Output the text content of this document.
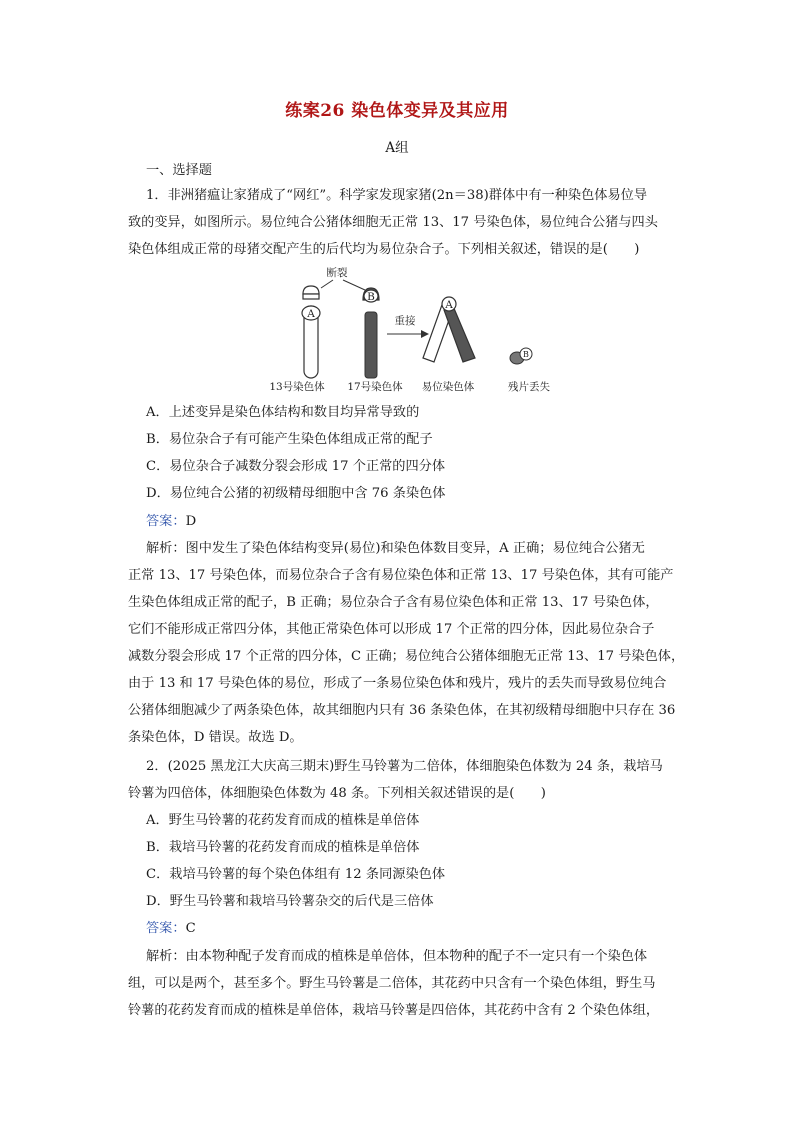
练案26 染色体变异及其应用
A组
一、选择题
1．非洲猪瘟让家猪成了“网红”。科学家发现家猪(2n＝38)群体中有一种染色体易位导
致的变异，如图所示。易位纯合公猪体细胞无正常 13、17 号染色体，易位纯合公猪与四头
染色体组成正常的母猪交配产生的后代均为易位杂合子。下列相关叙述，错误的是(　　)
A
断裂
B
重接
A
B
13号染色体 17号染色体 易位染色体	残片丢失
A．上述变异是染色体结构和数目均异常导致的
B．易位杂合子有可能产生染色体组成正常的配子
C．易位杂合子减数分裂会形成 17 个正常的四分体
D．易位纯合公猪的初级精母细胞中含 76 条染色体
答案：D
解析：图中发生了染色体结构变异(易位)和染色体数目变异，A 正确；易位纯合公猪无
正常 13、17 号染色体，而易位杂合子含有易位染色体和正常 13、17 号染色体，其有可能产
生染色体组成正常的配子，B 正确；易位杂合子含有易位染色体和正常 13、17 号染色体，
它们不能形成正常四分体，其他正常染色体可以形成 17 个正常的四分体，因此易位杂合子
减数分裂会形成 17 个正常的四分体，C 正确；易位纯合公猪体细胞无正常 13、17 号染色体，
由于 13 和 17 号染色体的易位，形成了一条易位染色体和残片，残片的丢失而导致易位纯合
公猪体细胞减少了两条染色体，故其细胞内只有 36 条染色体，在其初级精母细胞中只存在 36
条染色体，D 错误。故选 D。
2．(2025 黑龙江大庆高三期末)野生马铃薯为二倍体，体细胞染色体数为 24 条，栽培马
铃薯为四倍体，体细胞染色体数为 48 条。下列相关叙述错误的是(　　)
A．野生马铃薯的花药发育而成的植株是单倍体
B．栽培马铃薯的花药发育而成的植株是单倍体
C．栽培马铃薯的每个染色体组有 12 条同源染色体
D．野生马铃薯和栽培马铃薯杂交的后代是三倍体
答案：C
解析：由本物种配子发育而成的植株是单倍体，但本物种的配子不一定只有一个染色体
组，可以是两个，甚至多个。野生马铃薯是二倍体，其花药中只含有一个染色体组，野生马
铃薯的花药发育而成的植株是单倍体，栽培马铃薯是四倍体，其花药中含有 2 个染色体组，
